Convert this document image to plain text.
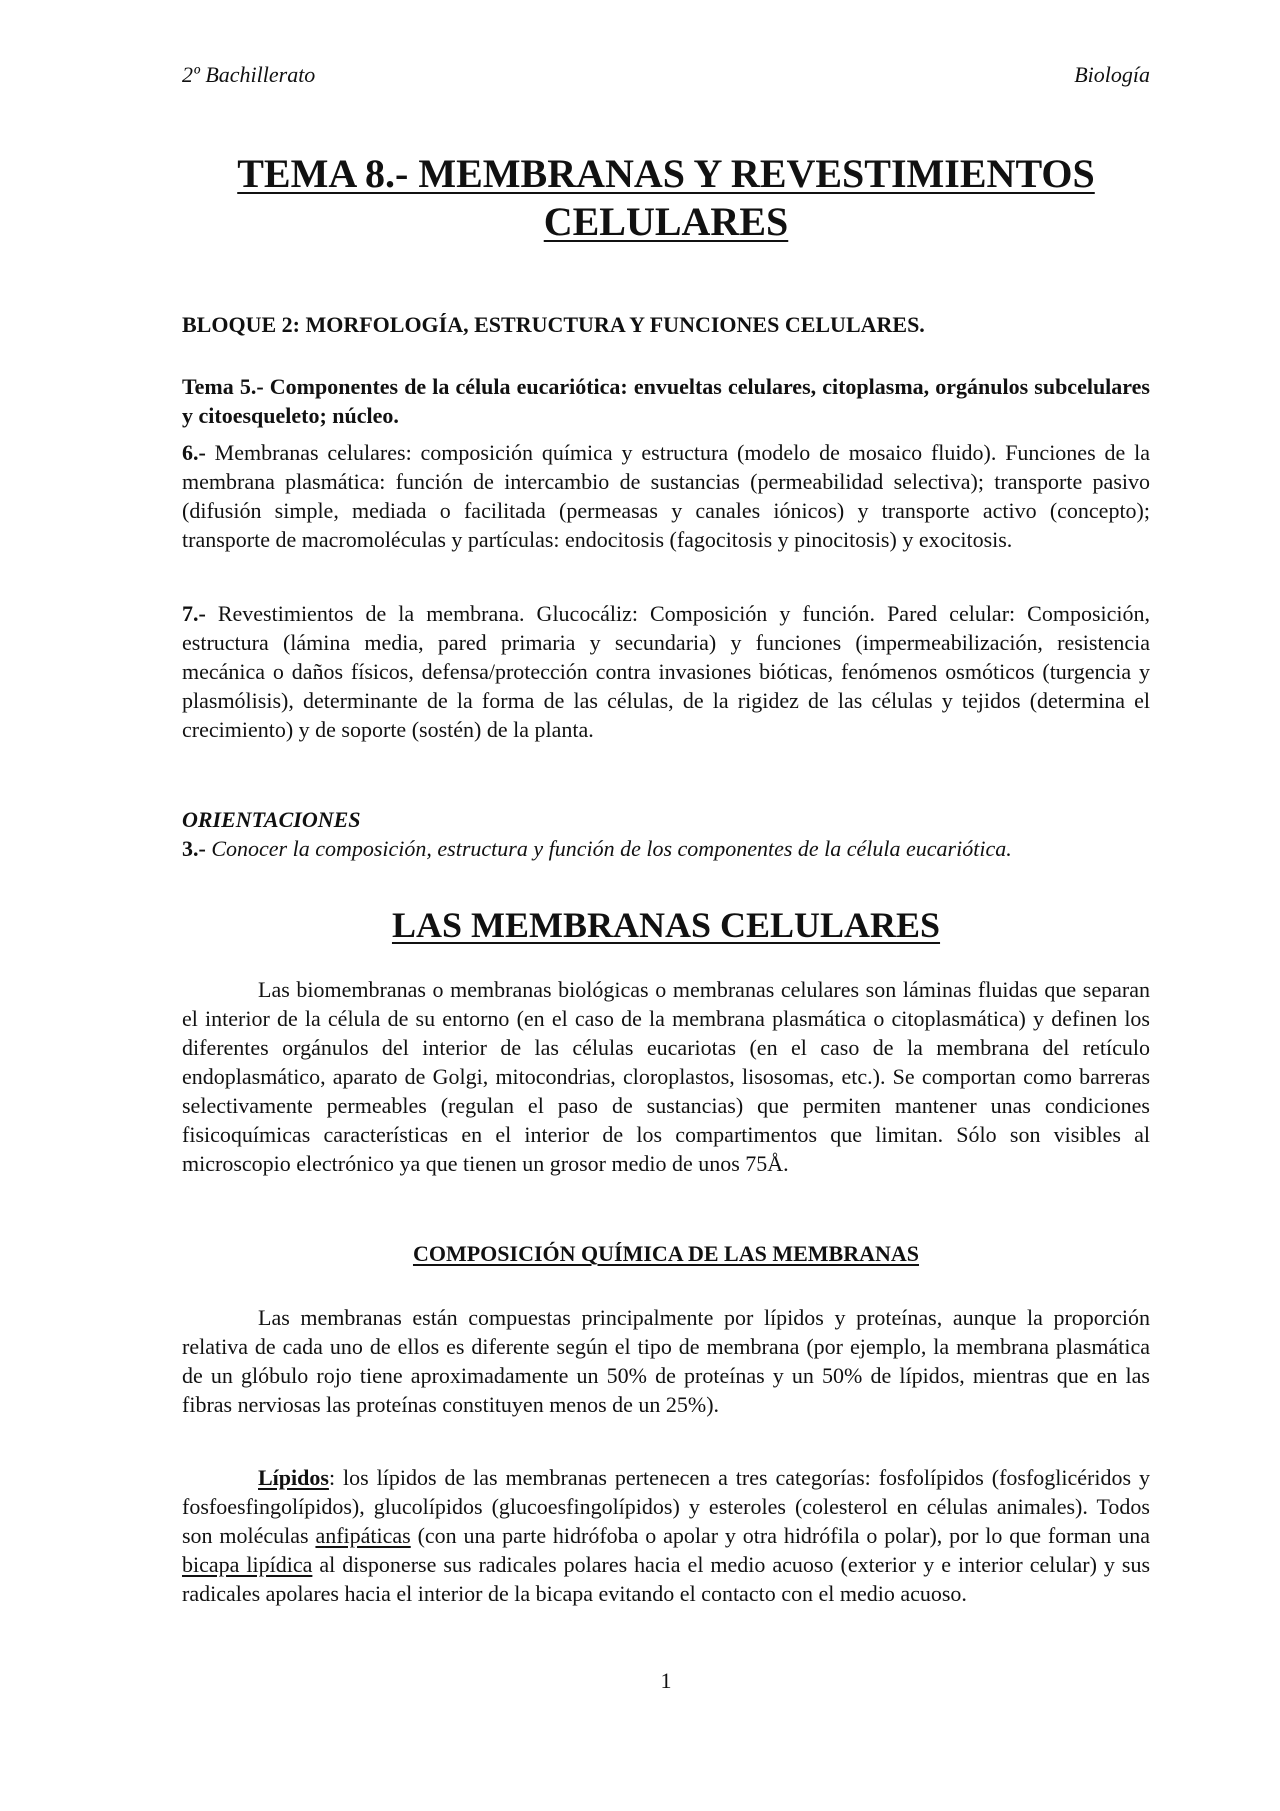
2º Bachillerato	Biología
TEMA 8.- MEMBRANAS Y REVESTIMIENTOS
CELULARES

BLOQUE 2: MORFOLOGÍA, ESTRUCTURA Y FUNCIONES CELULARES.

Tema 5.- Componentes de la célula eucariótica: envueltas celulares, citoplasma, orgánulos subcelulares y citoesqueleto; núcleo.

6.- Membranas celulares: composición química y estructura (modelo de mosaico fluido). Funciones de la membrana plasmática: función de intercambio de sustancias (permeabilidad selectiva); transporte pasivo (difusión simple, mediada o facilitada (permeasas y canales iónicos) y transporte activo (concepto); transporte de macromoléculas y partículas: endocitosis (fagocitosis y pinocitosis) y exocitosis.

7.- Revestimientos de la membrana. Glucocáliz: Composición y función. Pared celular: Composición, estructura (lámina media, pared primaria y secundaria) y funciones (impermeabilización, resistencia mecánica o daños físicos, defensa/protección contra invasiones bióticas, fenómenos osmóticos (turgencia y plasmólisis), determinante de la forma de las células, de la rigidez de las células y tejidos (determina el crecimiento) y de soporte (sostén) de la planta.

ORIENTACIONES
3.- Conocer la composición, estructura y función de los componentes de la célula eucariótica.

LAS MEMBRANAS CELULARES

Las biomembranas o membranas biológicas o membranas celulares son láminas fluidas que separan el interior de la célula de su entorno (en el caso de la membrana plasmática o citoplasmática) y definen los diferentes orgánulos del interior de las células eucariotas (en el caso de la membrana del retículo endoplasmático, aparato de Golgi, mitocondrias, cloroplastos, lisosomas, etc.). Se comportan como barreras selectivamente permeables (regulan el paso de sustancias) que permiten mantener unas condiciones fisicoquímicas características en el interior de los compartimentos que limitan. Sólo son visibles al microscopio electrónico ya que tienen un grosor medio de unos 75Å.

COMPOSICIÓN QUÍMICA DE LAS MEMBRANAS

Las membranas están compuestas principalmente por lípidos y proteínas, aunque la proporción relativa de cada uno de ellos es diferente según el tipo de membrana (por ejemplo, la membrana plasmática de un glóbulo rojo tiene aproximadamente un 50% de proteínas y un 50% de lípidos, mientras que en las fibras nerviosas las proteínas constituyen menos de un 25%).

Lípidos: los lípidos de las membranas pertenecen a tres categorías: fosfolípidos (fosfoglicéridos y fosfoesfingolípidos), glucolípidos (glucoesfingolípidos) y esteroles (colesterol en células animales). Todos son moléculas anfipáticas (con una parte hidrófoba o apolar y otra hidrófila o polar), por lo que forman una bicapa lipídica al disponerse sus radicales polares hacia el medio acuoso (exterior y e interior celular) y sus radicales apolares hacia el interior de la bicapa evitando el contacto con el medio acuoso.

1
